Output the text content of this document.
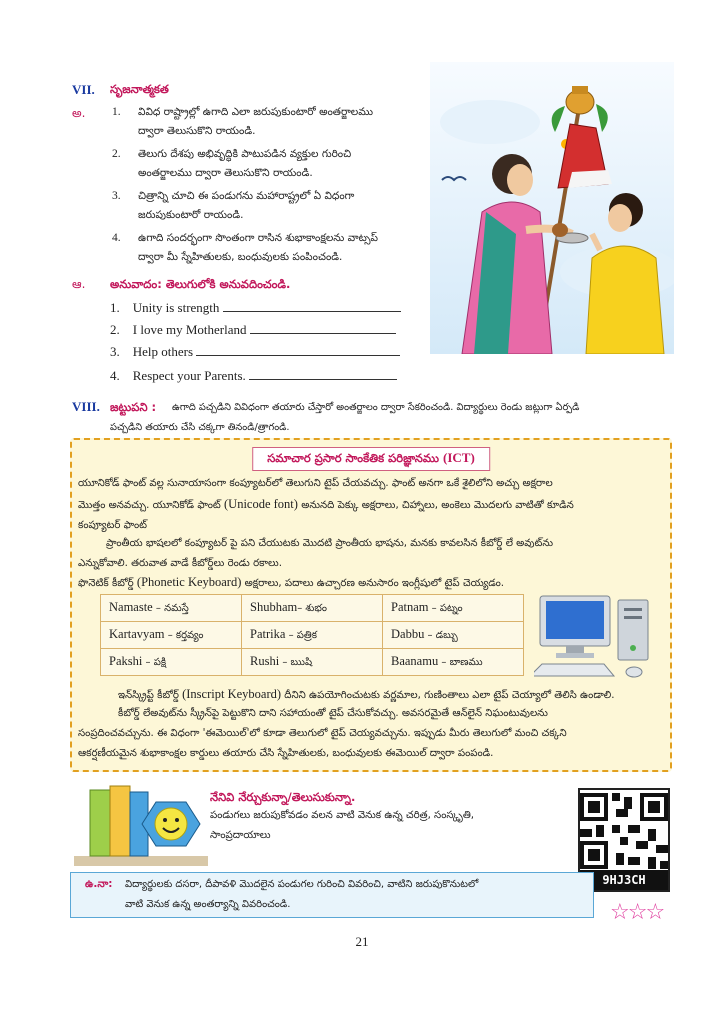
VII. సృజనాత్మకత
అ. 1. వివిధ రాష్ట్రాల్లో ఉగాది ఎలా జరుపుకుంటారో అంతర్జాలము
ద్వారా తెలుసుకొని రాయండి.
2. తెలుగు దేశపు అభివృద్ధికి పాటుపడిన వ్యక్తుల గురించి
అంతర్జాలము ద్వారా తెలుసుకొని రాయండి.
3. చిత్రాన్ని చూచి ఈ పండుగను మహారాష్ట్రలో ఏ విధంగా
జరుపుకుంటారో రాయండి.
4. ఉగాది సందర్భంగా సొంతంగా రాసిన శుభాకాంక్షలను వాట్సప్
ద్వారా మీ స్నేహితులకు, బంధువులకు పంపించండి.
ఆ. అనువాదం: తెలుగులోకి అనువదించండి.
1. Unity is strength
2. I love my Motherland
3. Help others
4. Respect your Parents.
VIII. జట్టుపని : ఉగాది పచ్చడిని వివిధంగా తయారు చేస్తారో అంతర్జాలం ద్వారా సేకరించండి. విద్యార్థులు రెండు జట్లుగా ఏర్పడి
పచ్చడిని తయారు చేసి చక్కగా తినండి/త్రాగండి.
సమాచార ప్రసార సాంకేతిక పరిజ్ఞానము (ICT)
యూనికోడ్ ఫాంట్ వల్ల సునాయాసంగా కంప్యూటర్‌లో తెలుగుని టైప్ చేయవచ్చు. ఫాంట్ అనగా ఒకే శైలిలోని అచ్చు అక్షరాల
మొత్తం అనవచ్చు. యూనికోడ్ ఫాంట్ (Unicode font) అనునది పెక్కు అక్షరాలు, చిహ్నాలు, అంకెలు మొదలగు వాటితో కూడిన
కంప్యూటర్ ఫాంట్
ప్రాంతీయ భాషలలో కంప్యూటర్ పై పని చేయుటకు మొదటి ప్రాంతీయ భాషను, మనకు కావలసిన కీబోర్డ్ లే అవుట్‌ను
ఎన్నుకోవాలి. తరువాత వాడే కీబోర్డ్‌లు రెండు రకాలు.
ఫొనెటిక్ కీబోర్డ్ (Phonetic Keyboard) అక్షరాలు, పదాలు ఉచ్చారణ అనుసారం ఇంగ్లీషులో టైప్ చెయ్యడం.
Namaste – నమస్తే	Shubham– శుభం	Patnam – పట్నం
Kartavyam – కర్తవ్యం	Patrika – పత్రిక	Dabbu – డబ్బు
Pakshi – పక్షి	Rushi – ఋషి	Baanamu – బాణము
ఇన్‌స్క్రిప్ట్ కీబోర్డ్ (Inscript Keyboard) దీనిని ఉపయోగించుటకు వర్ణమాల, గుణింతాలు ఎలా టైప్ చెయ్యాలో తెలిసి ఉండాలి.
కీబోర్డ్ లేఅవుట్‌ను స్క్రీన్‌పై పెట్టుకొని దాని సహాయంతో టైప్ చేసుకోవచ్చు. అవసరమైతే ఆన్‌లైన్ నిఘంటువులను
సంప్రదించవచ్చును. ఈ విధంగా 'ఈమెయిల్'లో కూడా తెలుగులో టైప్ చెయ్యవచ్చును. ఇప్పుడు మీరు తెలుగులో మంచి చక్కని
ఆకర్షణీయమైన శుభాకాంక్షల కార్డులు తయారు చేసి స్నేహితులకు, బంధువులకు ఈమెయిల్ ద్వారా పంపండి.
నేనివి నేర్చుకున్నా/తెలుసుకున్నా.
పండుగలు జరుపుకోవడం వలన వాటి వెనుక ఉన్న చరిత్ర, సంస్కృతి,
సాంప్రదాయాలు
9HJ3CH
ఉ.నా: విద్యార్థులకు దసరా, దీపావళి మొదలైన పండుగల గురించి వివరించి, వాటిని జరుపుకొనుటలో
వాటి వెనుక ఉన్న అంతర్యాన్ని వివరించండి.	☆☆☆
21
